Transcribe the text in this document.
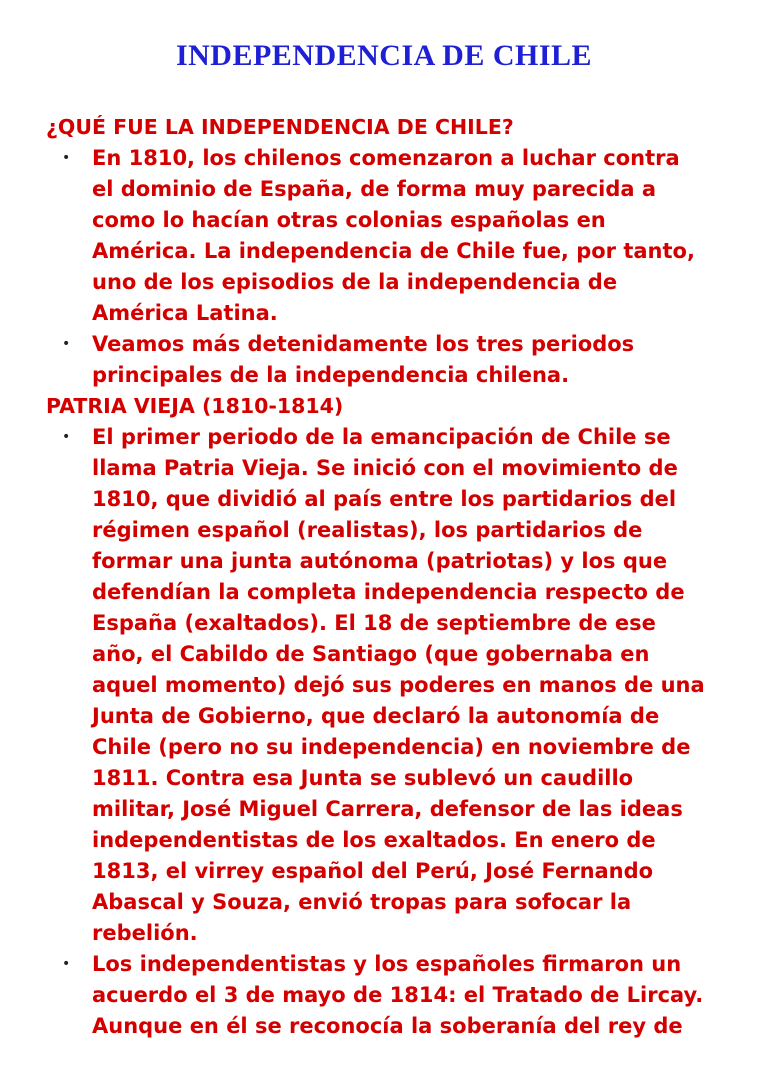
INDEPENDENCIA DE CHILE
¿QUÉ FUE LA INDEPENDENCIA DE CHILE?
• En 1810, los chilenos comenzaron a luchar contra
el dominio de España, de forma muy parecida a
como lo hacían otras colonias españolas en
América. La independencia de Chile fue, por tanto,
uno de los episodios de la independencia de
América Latina.
• Veamos más detenidamente los tres periodos
principales de la independencia chilena.
PATRIA VIEJA (1810-1814)
• El primer periodo de la emancipación de Chile se
llama Patria Vieja. Se inició con el movimiento de
1810, que dividió al país entre los partidarios del
régimen español (realistas), los partidarios de
formar una junta autónoma (patriotas) y los que
defendían la completa independencia respecto de
España (exaltados). El 18 de septiembre de ese
año, el Cabildo de Santiago (que gobernaba en
aquel momento) dejó sus poderes en manos de una
Junta de Gobierno, que declaró la autonomía de
Chile (pero no su independencia) en noviembre de
1811. Contra esa Junta se sublevó un caudillo
militar, José Miguel Carrera, defensor de las ideas
independentistas de los exaltados. En enero de
1813, el virrey español del Perú, José Fernando
Abascal y Souza, envió tropas para sofocar la
rebelión.
• Los independentistas y los españoles firmaron un
acuerdo el 3 de mayo de 1814: el Tratado de Lircay.
Aunque en él se reconocía la soberanía del rey de
